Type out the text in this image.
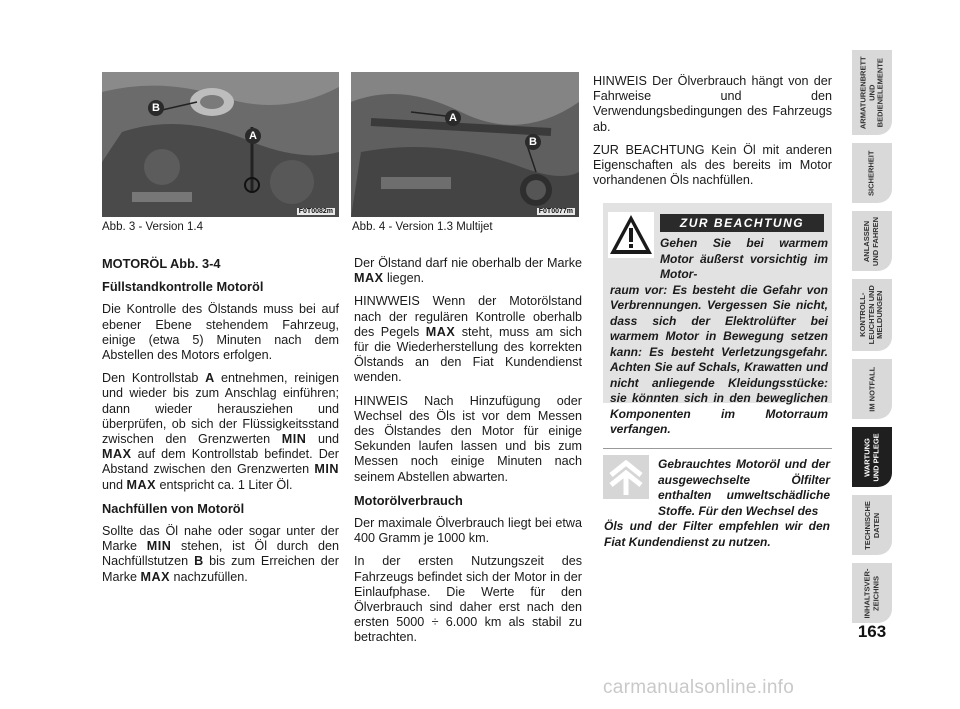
B
A
F0T0082m
A
B
F0T0077m
Abb. 3 - Version 1.4	Abb. 4 - Version 1.3 Multijet
MOTORÖL Abb. 3-4
Füllstandkontrolle Motoröl

Die Kontrolle des Ölstands muss bei auf ebener Ebene stehendem Fahrzeug, einige (etwa 5) Minuten nach dem Abstellen des Motors erfolgen.

Den Kontrollstab A entnehmen, reinigen und wieder bis zum Anschlag einführen; dann wieder herausziehen und überprüfen, ob sich der Flüssigkeitsstand zwischen den Grenzwerten MIN und MAX auf dem Kontrollstab befindet. Der Abstand zwischen den Grenzwerten MIN und MAX entspricht ca. 1 Liter Öl.

Nachfüllen von Motoröl

Sollte das Öl nahe oder sogar unter der Marke MIN stehen, ist Öl durch den Nachfüllstutzen B bis zum Erreichen der Marke MAX nachzufüllen.

Der Ölstand darf nie oberhalb der Marke MAX liegen.

HINWWEIS Wenn der Motorölstand nach der regulären Kontrolle oberhalb des Pegels MAX steht, muss am sich für die Wiederherstellung des korrekten Ölstands an den Fiat Kundendienst wenden.

HINWEIS Nach Hinzufügung oder Wechsel des Öls ist vor dem Messen des Ölstandes den Motor für einige Sekunden laufen lassen und bis zum Messen noch einige Minuten nach seinem Abstellen abwarten.

Motorölverbrauch

Der maximale Ölverbrauch liegt bei etwa 400 Gramm je 1000 km.

In der ersten Nutzungszeit des Fahrzeugs befindet sich der Motor in der Einlaufphase. Die Werte für den Ölverbrauch sind daher erst nach den ersten 5000 ÷ 6.000 km als stabil zu betrachten.

HINWEIS Der Ölverbrauch hängt von der Fahrweise und den Verwendungsbedingungen des Fahrzeugs ab.

ZUR BEACHTUNG Kein Öl mit anderen Eigenschaften als des bereits im Motor vorhandenen Öls nachfüllen.

ZUR BEACHTUNG
Gehen Sie bei warmem Motor äußerst vorsichtig im Motor-
raum vor: Es besteht die Gefahr von Verbrennungen. Vergessen Sie nicht, dass sich der Elektrolüfter bei warmem Motor in Bewegung setzen kann: Es besteht Verletzungsgefahr. Achten Sie auf Schals, Krawatten und nicht anliegende Kleidungsstücke: sie könnten sich in den beweglichen Komponenten im Motorraum verfangen.
Gebrauchtes Motoröl und der ausgewechselte Ölfilter enthalten umweltschädliche Stoffe. Für den Wechsel des
Öls und der Filter empfehlen wir den Fiat Kundendienst zu nutzen.
ARMATURENBRETT
UND
BEDIENELEMENTE
SICHERHEIT
ANLASSEN
UND FAHREN
KONTROLL-
LEUCHTEN UND
MELDUNGEN
IM NOTFALL
WARTUNG
UND PFLEGE
TECHNISCHE
DATEN
INHALTSVER-
ZEICHNIS
163
carmanualsonline.info
